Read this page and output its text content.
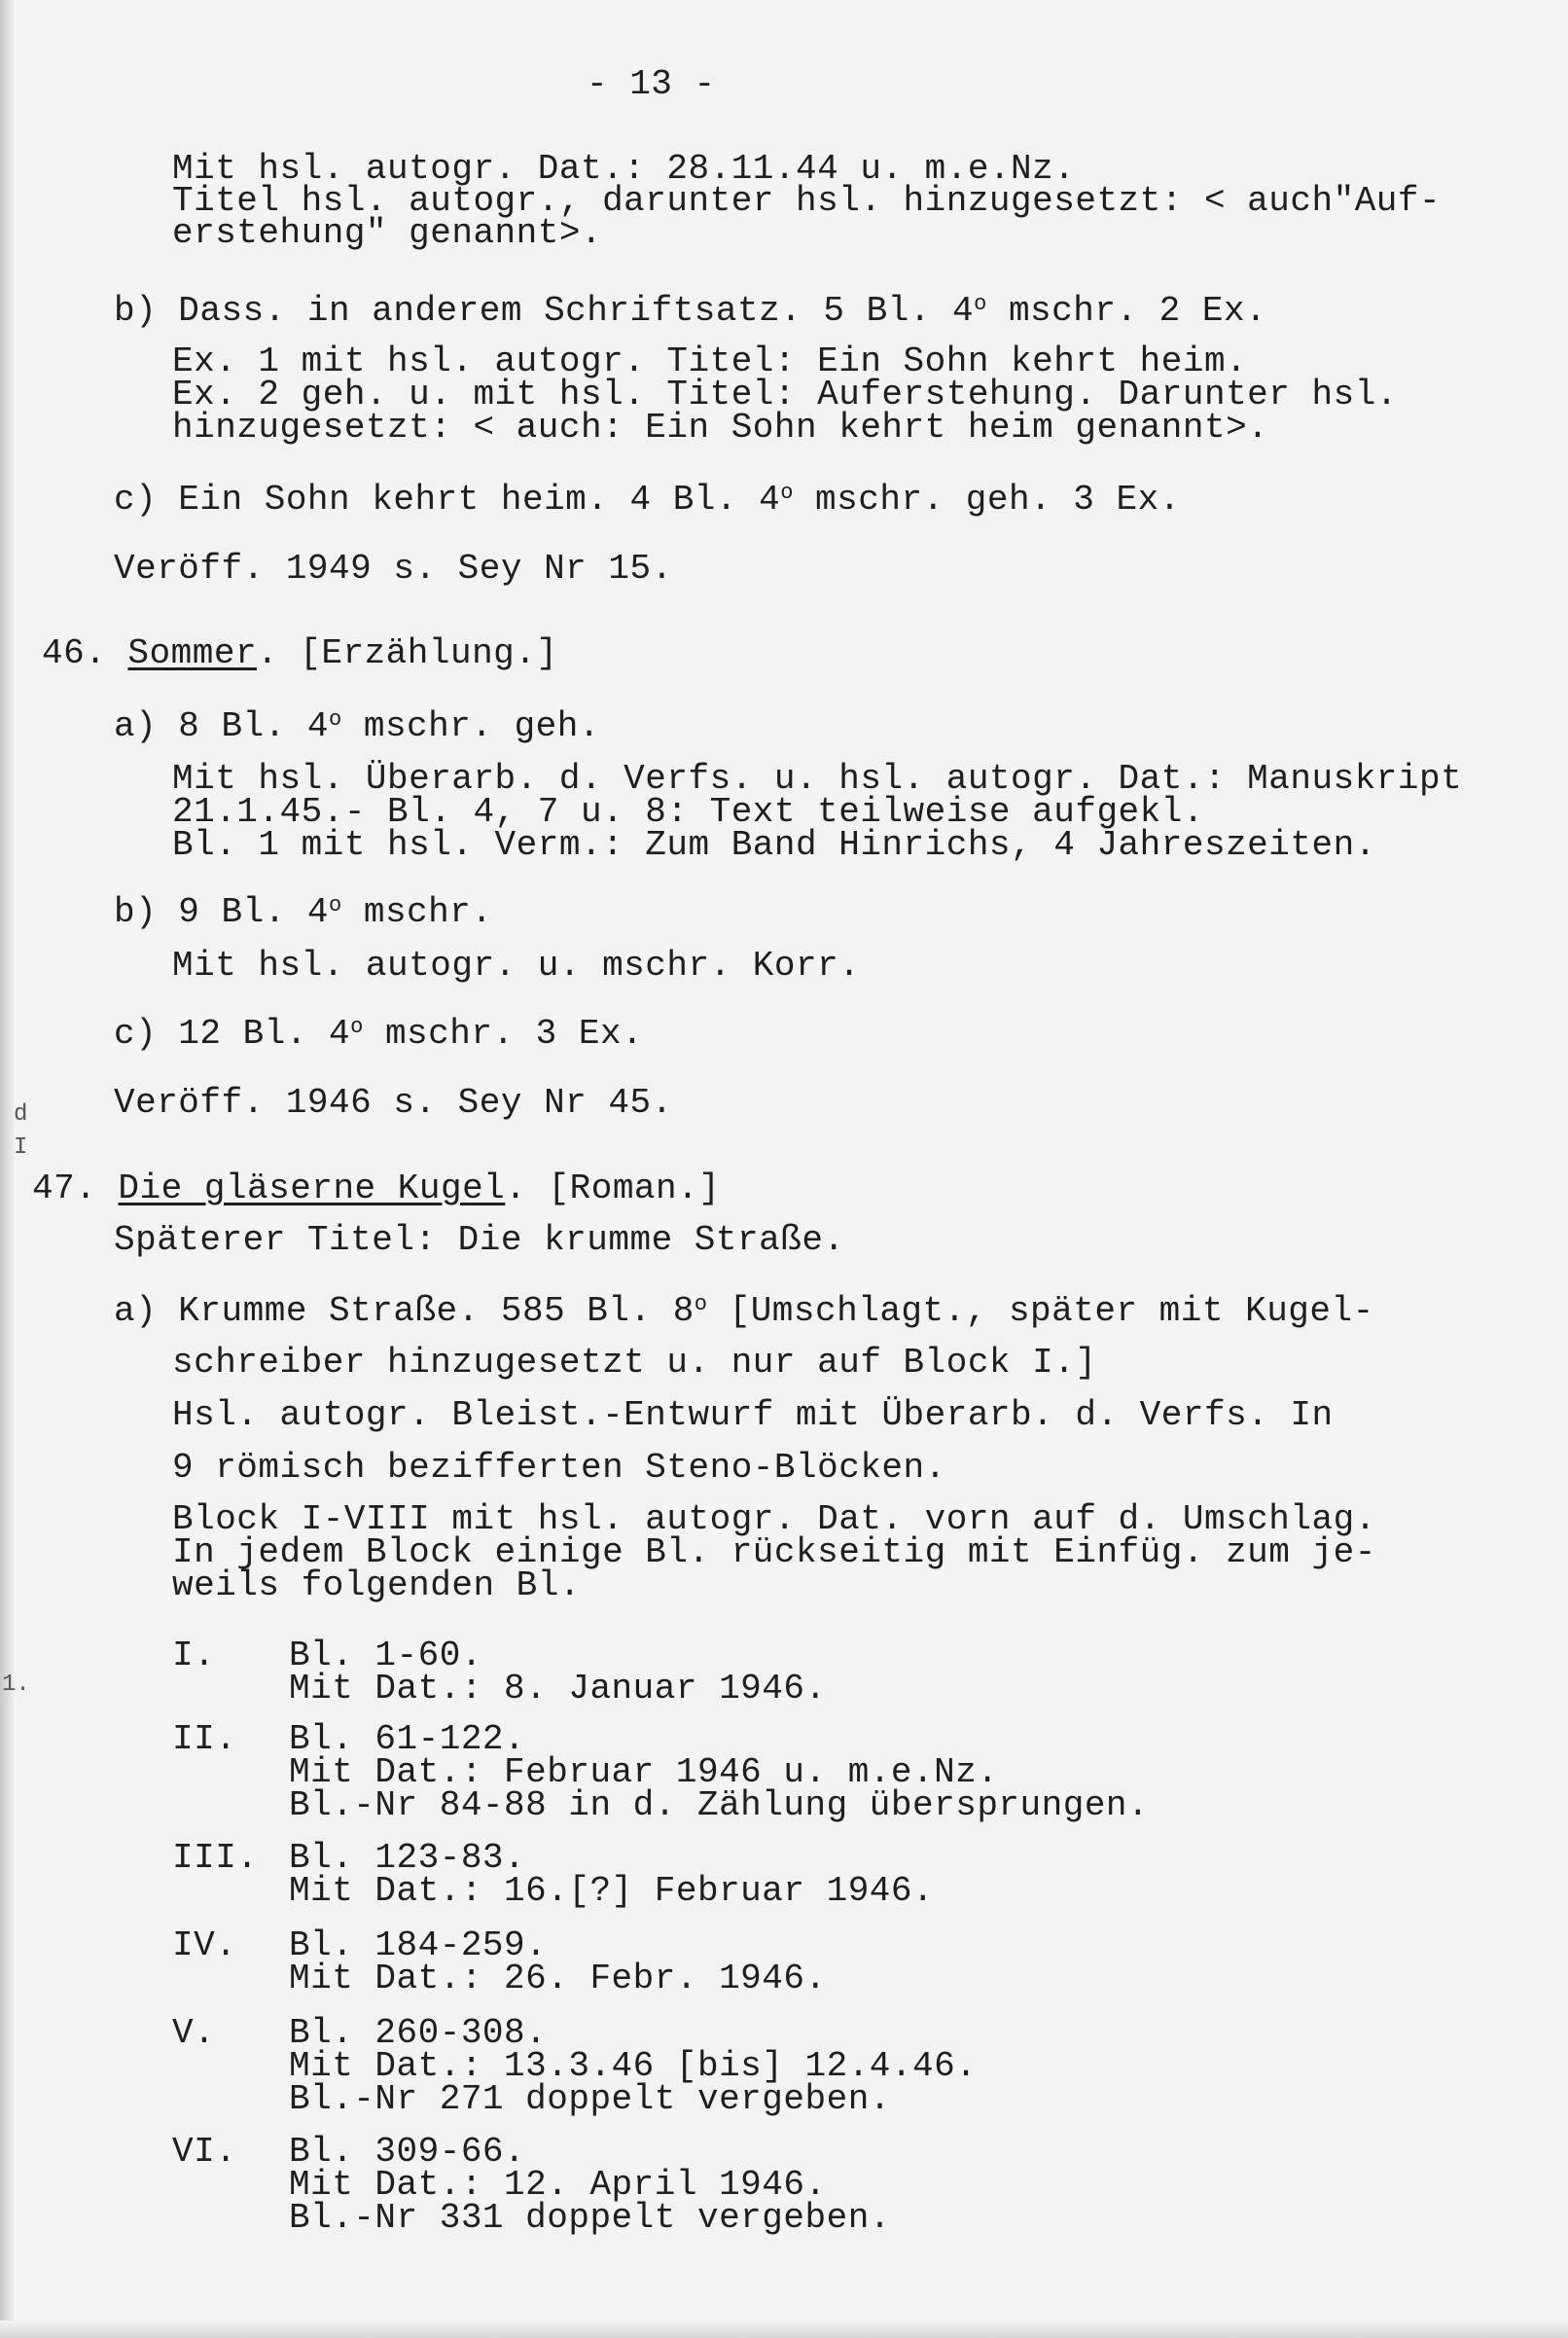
- 13 -
Mit hsl. autogr. Dat.: 28.11.44 u. m.e.Nz.
Titel hsl. autogr., darunter hsl. hinzugesetzt: < auch"Auf-
erstehung" genannt>.
b) Dass. in anderem Schriftsatz. 5 Bl. 4$^o$ mschr. 2 Ex.
Ex. 1 mit hsl. autogr. Titel: Ein Sohn kehrt heim.
Ex. 2 geh. u. mit hsl. Titel: Auferstehung. Darunter hsl.
hinzugesetzt: < auch: Ein Sohn kehrt heim genannt>.
c) Ein Sohn kehrt heim. 4 Bl. 4$^o$ mschr. geh. 3 Ex.
Veröff. 1949 s. Sey Nr 15.
46. Sommer. [Erzählung.]
a) 8 Bl. 4$^o$ mschr. geh.
Mit hsl. Überarb. d. Verfs. u. hsl. autogr. Dat.: Manuskript
21.1.45.- Bl. 4, 7 u. 8: Text teilweise aufgekl.
Bl. 1 mit hsl. Verm.: Zum Band Hinrichs, 4 Jahreszeiten.
b) 9 Bl. 4$^o$ mschr.
Mit hsl. autogr. u. mschr. Korr.
c) 12 Bl. 4$^o$ mschr. 3 Ex.
Veröff. 1946 s. Sey Nr 45.
47. Die gläserne Kugel. [Roman.]
Späterer Titel: Die krumme Straße.
a) Krumme Straße. 585 Bl. 8$^o$ [Umschlagt., später mit Kugel-
schreiber hinzugesetzt u. nur auf Block I.]
Hsl. autogr. Bleist.-Entwurf mit Überarb. d. Verfs. In
9 römisch bezifferten Steno-Blöcken.
Block I-VIII mit hsl. autogr. Dat. vorn auf d. Umschlag.
In jedem Block einige Bl. rückseitig mit Einfüg. zum je-
weils folgenden Bl.
I. Bl. 1-60.
Mit Dat.: 8. Januar 1946.
II. Bl. 61-122.
Mit Dat.: Februar 1946 u. m.e.Nz.
Bl.-Nr 84-88 in d. Zählung übersprungen.
III. Bl. 123-83.
Mit Dat.: 16.[?] Februar 1946.
IV. Bl. 184-259.
Mit Dat.: 26. Febr. 1946.
V. Bl. 260-308.
Mit Dat.: 13.3.46 [bis] 12.4.46.
Bl.-Nr 271 doppelt vergeben.
VI. Bl. 309-66.
Mit Dat.: 12. April 1946.
Bl.-Nr 331 doppelt vergeben.
d
I
1.
